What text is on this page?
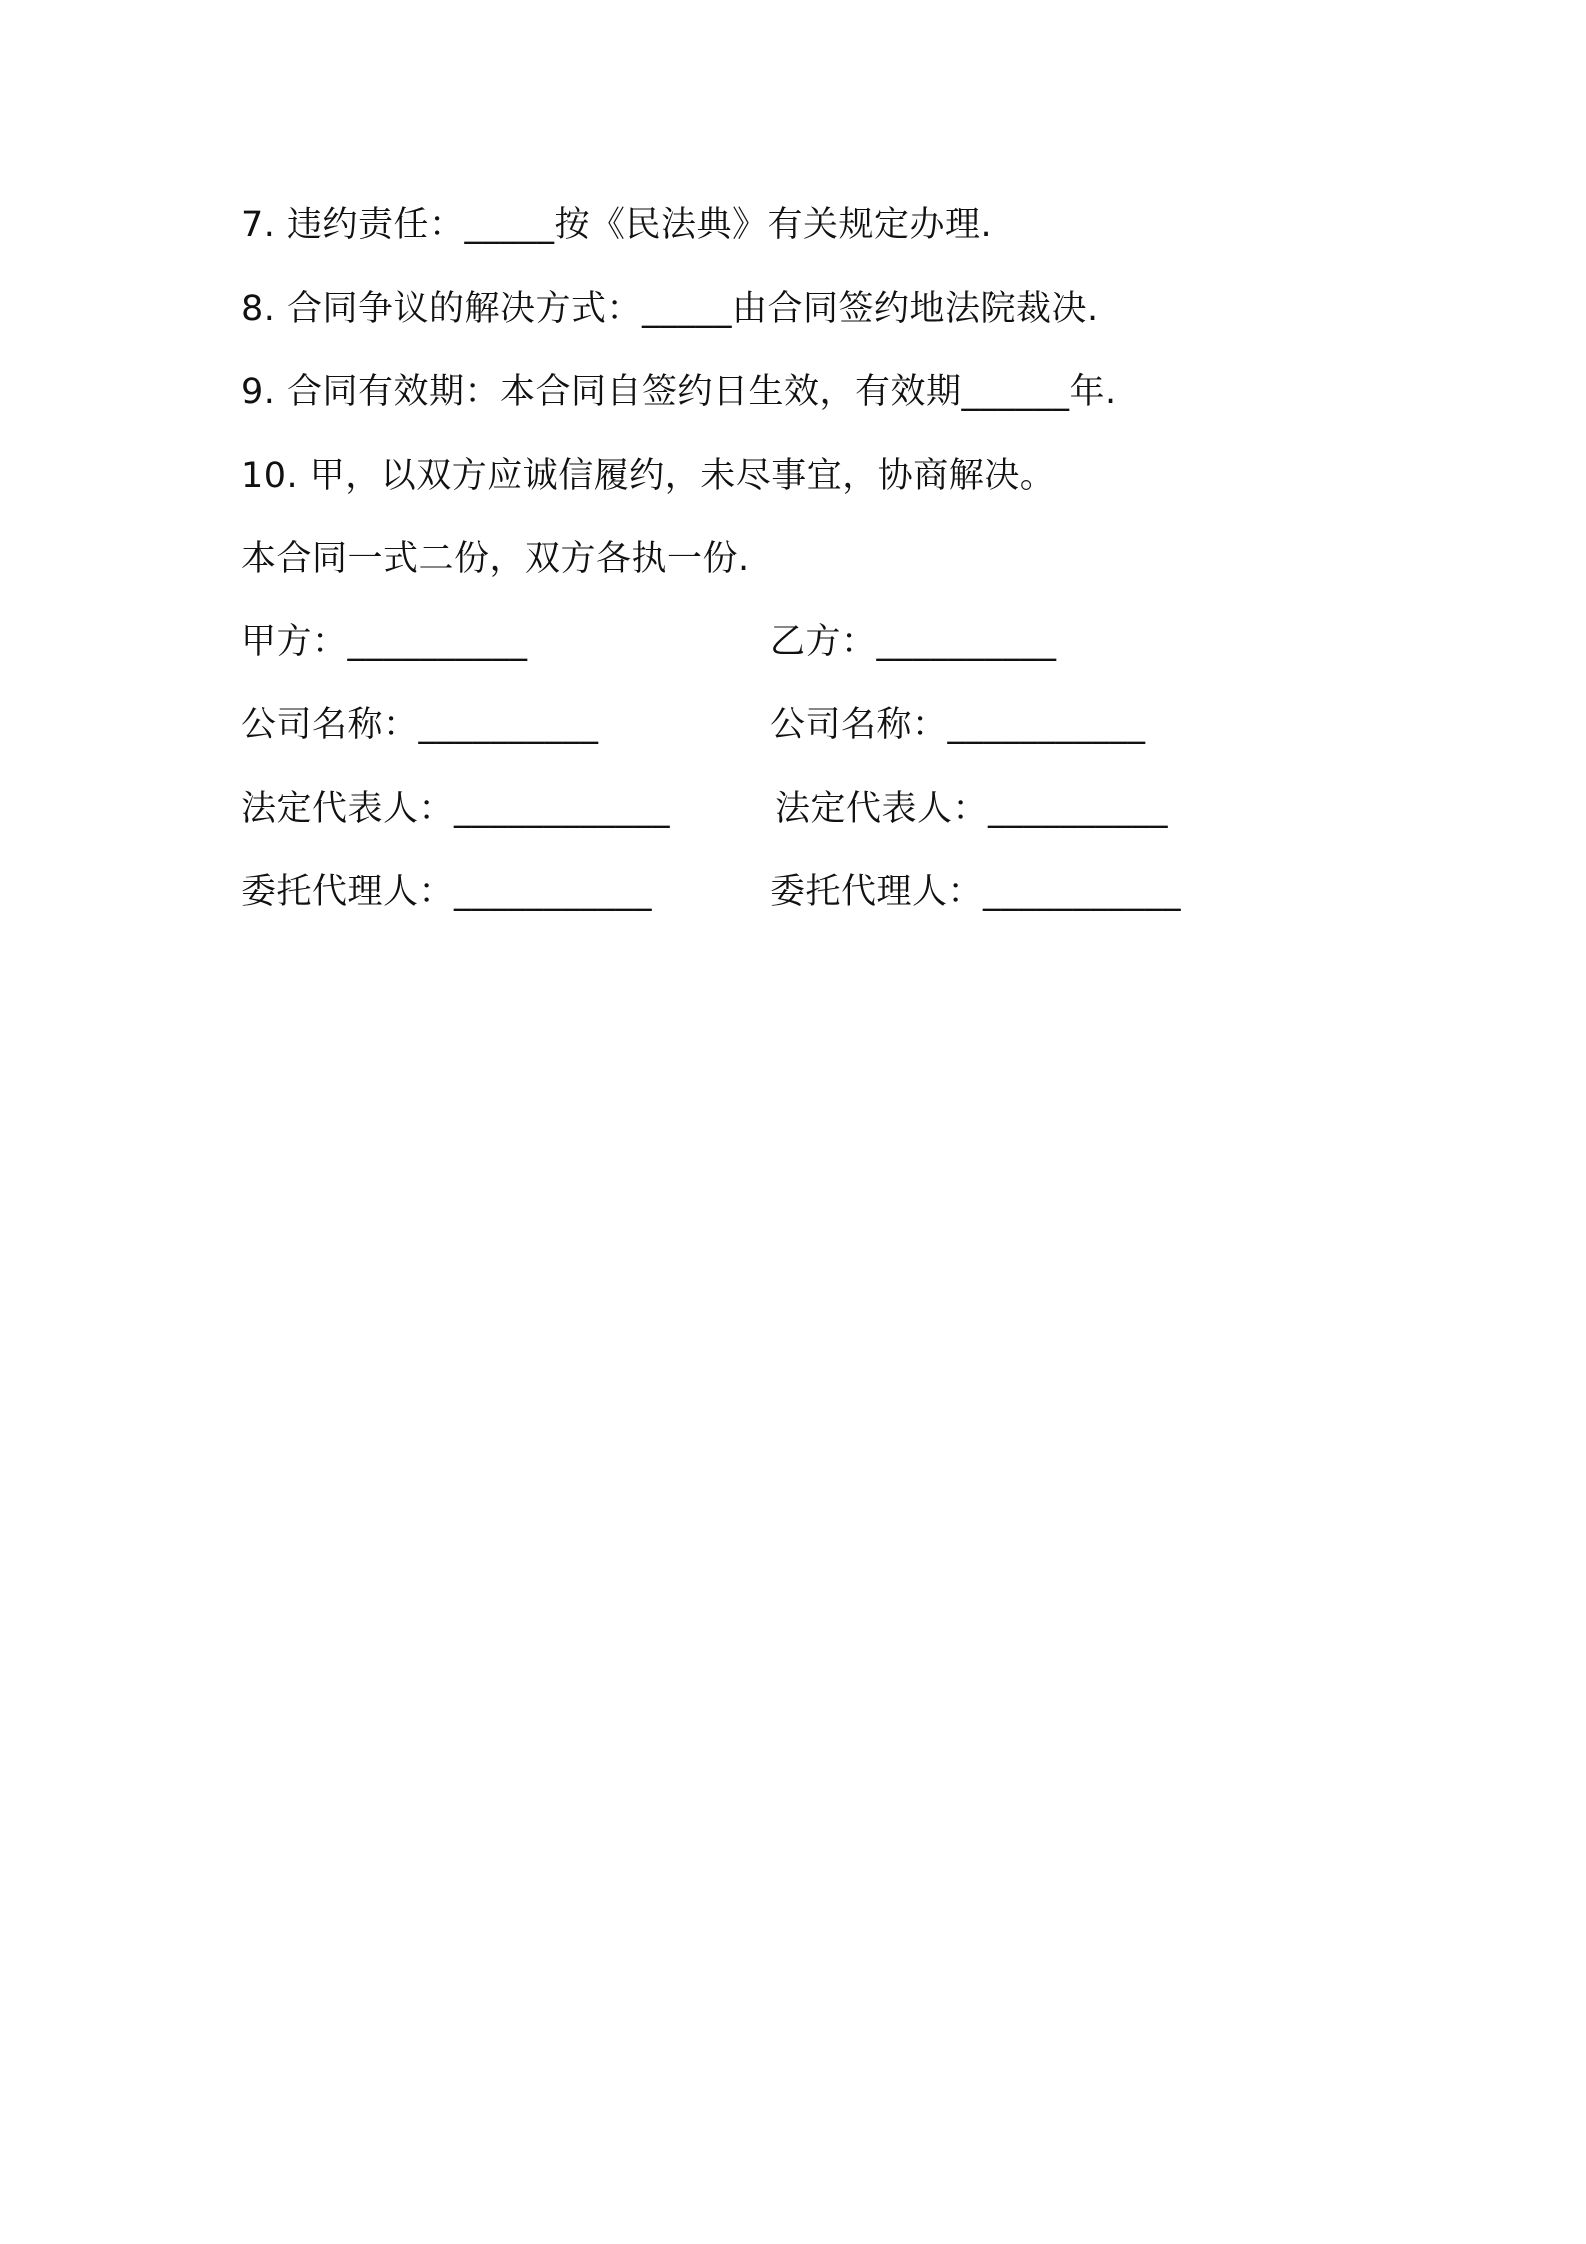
7. 违约责任：_____按《民法典》有关规定办理.
8. 合同争议的解决方式：_____由合同签约地法院裁决.
9. 合同有效期：本合同自签约日生效，有效期______年.
10. 甲，以双方应诚信履约，未尽事宜，协商解决。
本合同一式二份，双方各执一份.
甲方：__________	乙方：__________
公司名称：__________	公司名称：___________
法定代表人：____________	法定代表人：__________
委托代理人：___________	委托代理人：___________
